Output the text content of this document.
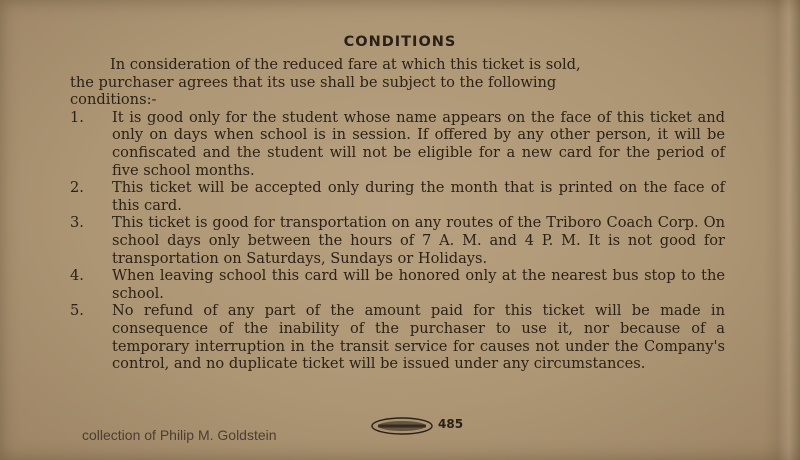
CONDITIONS

In consideration of the reduced fare at which this ticket is sold,

the purchaser agrees that its use shall be subject to the following

conditions:-

1. It is good only for the student whose name appears on the face of this ticket and only on days when school is in session. If offered by any other person, it will be confiscated and the student will not be eligible for a new card for the period of five school months.

2. This ticket will be accepted only during the month that is printed on the face of this card.

3. This ticket is good for transportation on any routes of the Triboro Coach Corp. On school days only between the hours of 7 A. M. and 4 P. M. It is not good for transportation on Saturdays, Sundays or Holidays.

4. When leaving school this card will be honored only at the nearest bus stop to the school.

5. No refund of any part of the amount paid for this ticket will be made in consequence of the inability of the purchaser to use it, nor because of a temporary interruption in the transit service for causes not under the Company's control, and no duplicate ticket will be issued under any circumstances.

collection of Philip M. Goldstein
485
